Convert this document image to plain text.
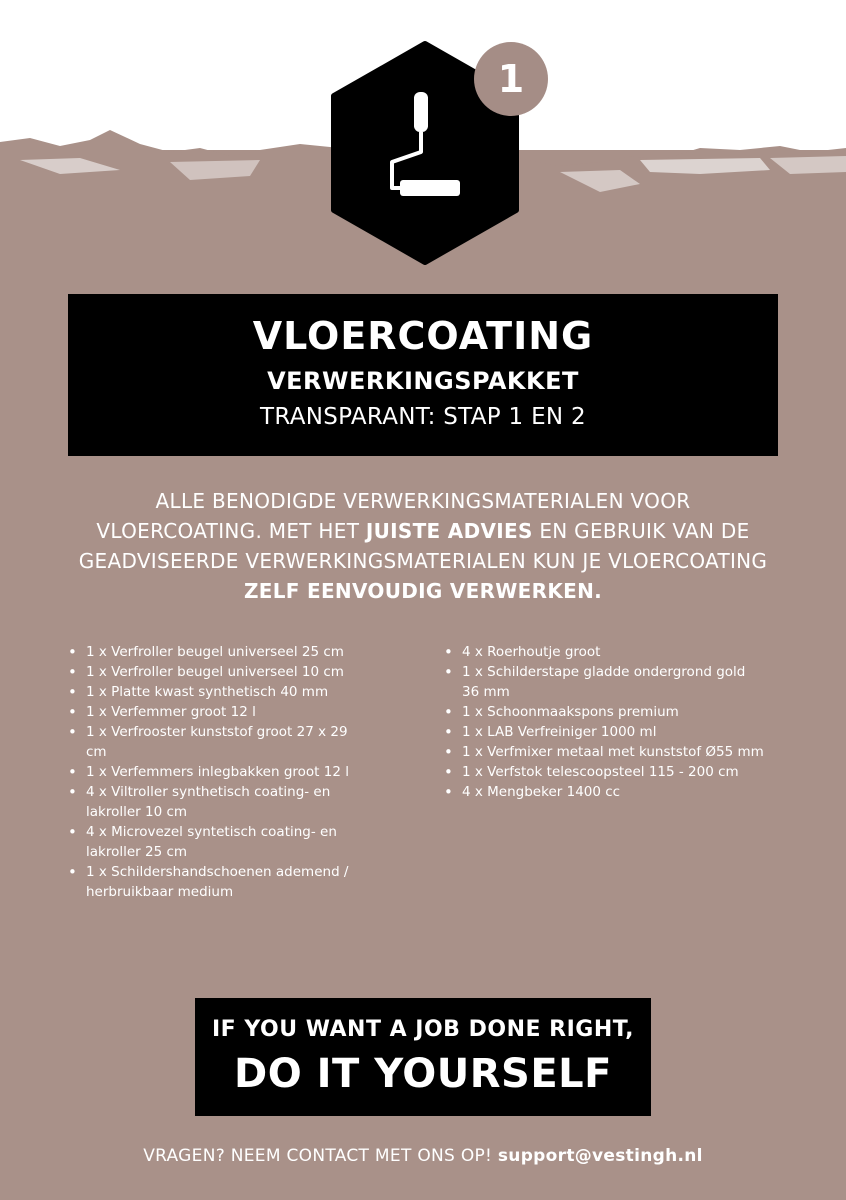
1
VLOERCOATING
VERWERKINGSPAKKET
TRANSPARANT: STAP 1 EN 2
ALLE BENODIGDE VERWERKINGSMATERIALEN VOOR
VLOERCOATING. MET HET JUISTE ADVIES EN GEBRUIK VAN DE
GEADVISEERDE VERWERKINGSMATERIALEN KUN JE VLOERCOATING
ZELF EENVOUDIG VERWERKEN.
• 1 x Verfroller beugel universeel 25 cm
• 1 x Verfroller beugel universeel 10 cm
• 1 x Platte kwast synthetisch 40 mm
• 1 x Verfemmer groot 12 l
• 1 x Verfrooster kunststof groot 27 x 29 cm
• 1 x Verfemmers inlegbakken groot 12 l
• 4 x Viltroller synthetisch coating- en lakroller 10 cm
• 4 x Microvezel syntetisch coating- en lakroller 25 cm
• 1 x Schildershandschoenen ademend / herbruikbaar medium
• 4 x Roerhoutje groot
• 1 x Schilderstape gladde ondergrond gold 36 mm
• 1 x Schoonmaakspons premium
• 1 x LAB Verfreiniger 1000 ml
• 1 x Verfmixer metaal met kunststof Ø55 mm
• 1 x Verfstok telescoopsteel 115 - 200 cm
• 4 x Mengbeker 1400 cc
IF YOU WANT A JOB DONE RIGHT,
DO IT YOURSELF
VRAGEN? NEEM CONTACT MET ONS OP! support@vestingh.nl
